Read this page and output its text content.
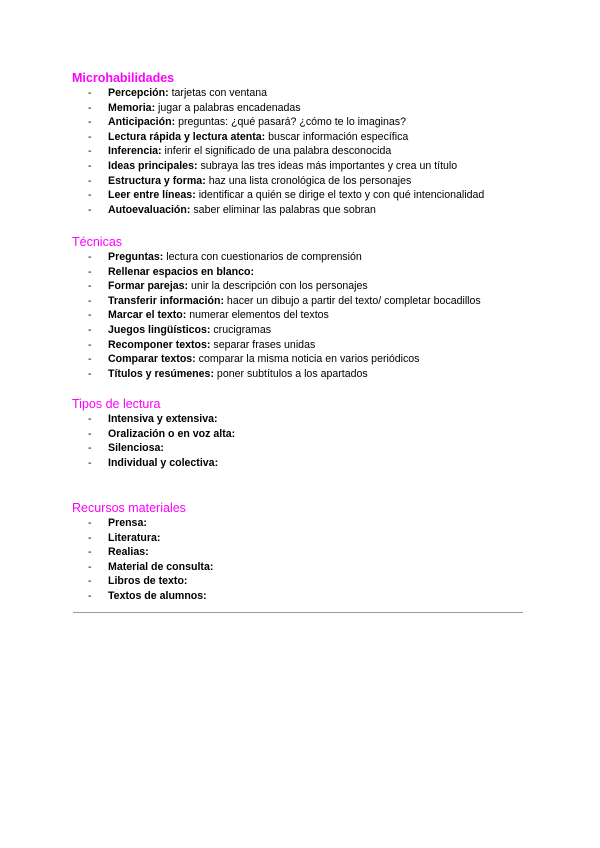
Microhabilidades
- Percepción: tarjetas con ventana
- Memoria: jugar a palabras encadenadas
- Anticipación: preguntas: ¿qué pasará? ¿cómo te lo imaginas?
- Lectura rápida y lectura atenta: buscar información específica
- Inferencia: inferir el significado de una palabra desconocida
- Ideas principales: subraya las tres ideas más importantes y crea un título
- Estructura y forma: haz una lista cronológica de los personajes
- Leer entre líneas: identificar a quién se dirige el texto y con qué intencionalidad
- Autoevaluación: saber eliminar las palabras que sobran
Técnicas
- Preguntas: lectura con cuestionarios de comprensión
- Rellenar espacios en blanco:
- Formar parejas: unir la descripción con los personajes
- Transferir información: hacer un dibujo a partir del texto/ completar bocadillos
- Marcar el texto: numerar elementos del textos
- Juegos lingüísticos: crucigramas
- Recomponer textos: separar frases unidas
- Comparar textos: comparar la misma noticia en varios periódicos
- Títulos y resúmenes: poner subtítulos a los apartados
Tipos de lectura
- Intensiva y extensiva:
- Oralización o en voz alta:
- Silenciosa:
- Individual y colectiva:
Recursos materiales
- Prensa:
- Literatura:
- Realias:
- Material de consulta:
- Libros de texto:
- Textos de alumnos:
